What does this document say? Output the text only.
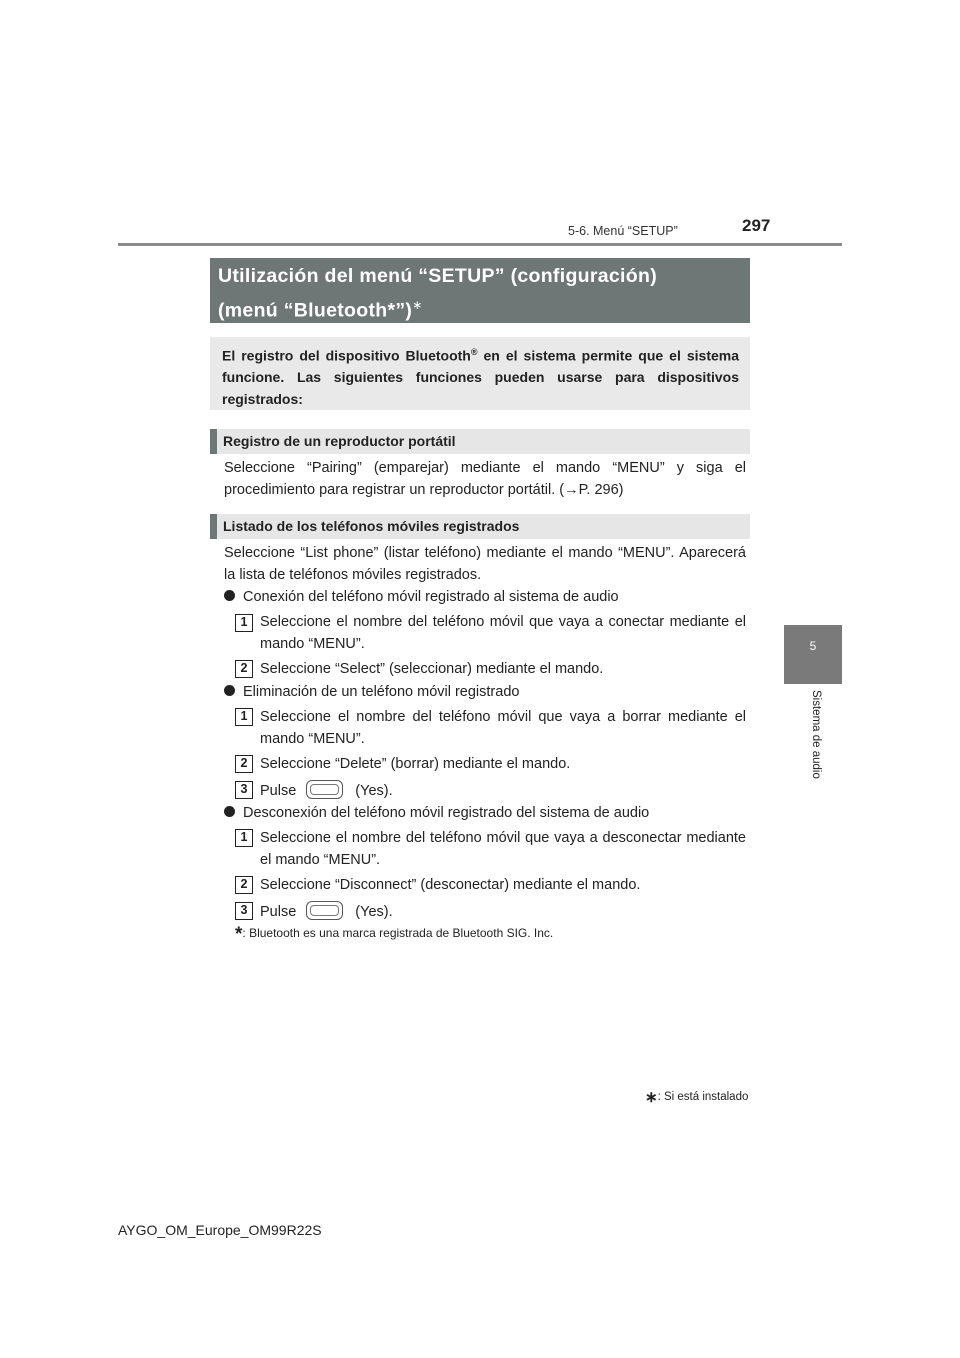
5-6. Menú “SETUP”	297
5
Sistema de audio
Utilización del menú “SETUP” (configuración)
(menú “Bluetooth*”)∗
El registro del dispositivo Bluetooth® en el sistema permite que el sistema funcione. Las siguientes funciones pueden usarse para dispositivos registrados:
Registro de un reproductor portátil
Seleccione “Pairing” (emparejar) mediante el mando “MENU” y siga el procedimiento para registrar un reproductor portátil. (→P. 296)
Listado de los teléfonos móviles registrados
Seleccione “List phone” (listar teléfono) mediante el mando “MENU”. Aparecerá la lista de teléfonos móviles registrados.
Conexión del teléfono móvil registrado al sistema de audio
1 Seleccione el nombre del teléfono móvil que vaya a conectar mediante el mando “MENU”.
2 Seleccione “Select” (seleccionar) mediante el mando.
Eliminación de un teléfono móvil registrado
1 Seleccione el nombre del teléfono móvil que vaya a borrar mediante el mando “MENU”.
2 Seleccione “Delete” (borrar) mediante el mando.
3 Pulse	(Yes).
Desconexión del teléfono móvil registrado del sistema de audio
1 Seleccione el nombre del teléfono móvil que vaya a desconectar mediante el mando “MENU”.
2 Seleccione “Disconnect” (desconectar) mediante el mando.
3 Pulse	(Yes).
*: Bluetooth es una marca registrada de Bluetooth SIG. Inc.
∗: Si está instalado
AYGO_OM_Europe_OM99R22S
